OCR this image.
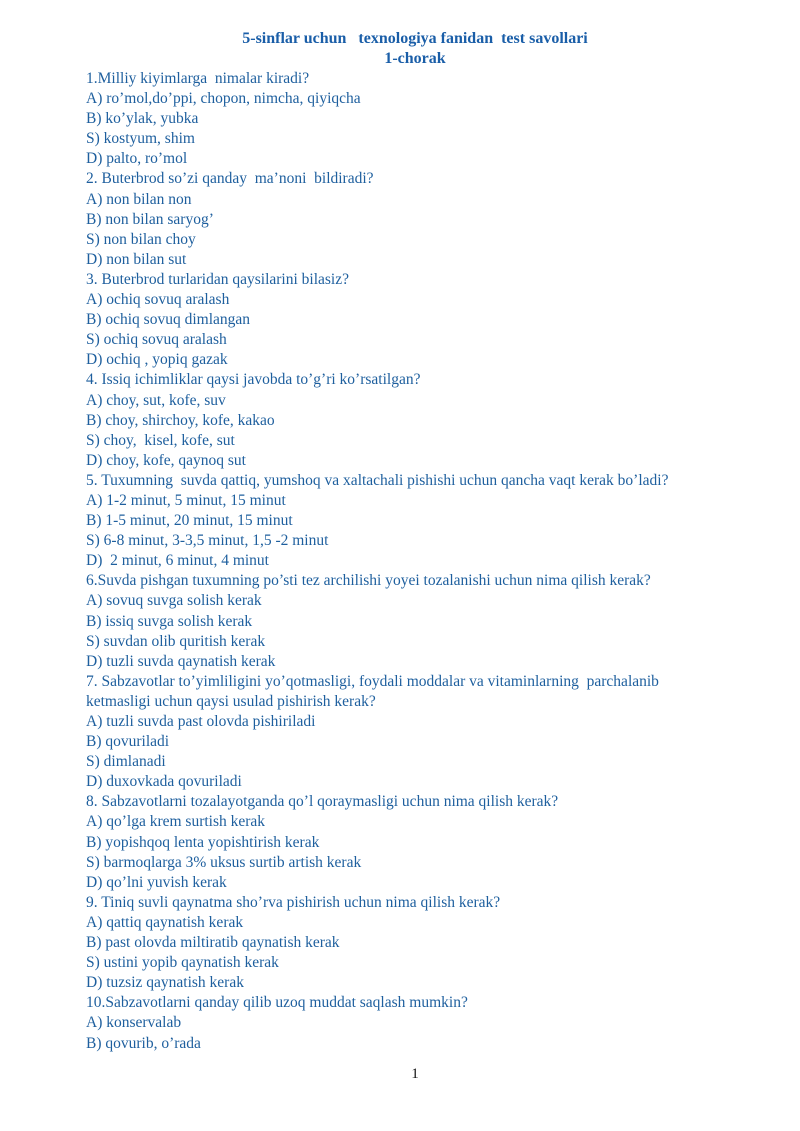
5-sinflar uchun   texnologiya fanidan  test savollari
1-chorak
1.Milliy kiyimlarga  nimalar kiradi?
A) ro’mol,do’ppi, chopon, nimcha, qiyiqcha
B) ko’ylak, yubka
S) kostyum, shim
D) palto, ro’mol
2. Buterbrod so’zi qanday  ma’noni  bildiradi?
A) non bilan non
B) non bilan saryog’
S) non bilan choy
D) non bilan sut
3. Buterbrod turlaridan qaysilarini bilasiz?
A) ochiq sovuq aralash
B) ochiq sovuq dimlangan
S) ochiq sovuq aralash
D) ochiq , yopiq gazak
4. Issiq ichimliklar qaysi javobda to’g’ri ko’rsatilgan?
A) choy, sut, kofe, suv
B) choy, shirchoy, kofe, kakao
S) choy,  kisel, kofe, sut
D) choy, kofe, qaynoq sut
5. Tuxumning  suvda qattiq, yumshoq va xaltachali pishishi uchun qancha vaqt kerak bo’ladi?
A) 1-2 minut, 5 minut, 15 minut
B) 1-5 minut, 20 minut, 15 minut
S) 6-8 minut, 3-3,5 minut, 1,5 -2 minut
D)  2 minut, 6 minut, 4 minut
6.Suvda pishgan tuxumning po’sti tez archilishi yoyei tozalanishi uchun nima qilish kerak?
A) sovuq suvga solish kerak
B) issiq suvga solish kerak
S) suvdan olib quritish kerak
D) tuzli suvda qaynatish kerak
7. Sabzavotlar to’yimliligini yo’qotmasligi, foydali moddalar va vitaminlarning  parchalanib
ketmasligi uchun qaysi usulad pishirish kerak?
A) tuzli suvda past olovda pishiriladi
B) qovuriladi
S) dimlanadi
D) duxovkada qovuriladi
8. Sabzavotlarni tozalayotganda qo’l qoraymasligi uchun nima qilish kerak?
A) qo’lga krem surtish kerak
B) yopishqoq lenta yopishtirish kerak
S) barmoqlarga 3% uksus surtib artish kerak
D) qo’lni yuvish kerak
9. Tiniq suvli qaynatma sho’rva pishirish uchun nima qilish kerak?
A) qattiq qaynatish kerak
B) past olovda miltiratib qaynatish kerak
S) ustini yopib qaynatish kerak
D) tuzsiz qaynatish kerak
10.Sabzavotlarni qanday qilib uzoq muddat saqlash mumkin?
A) konservalab
B) qovurib, o’rada
1
